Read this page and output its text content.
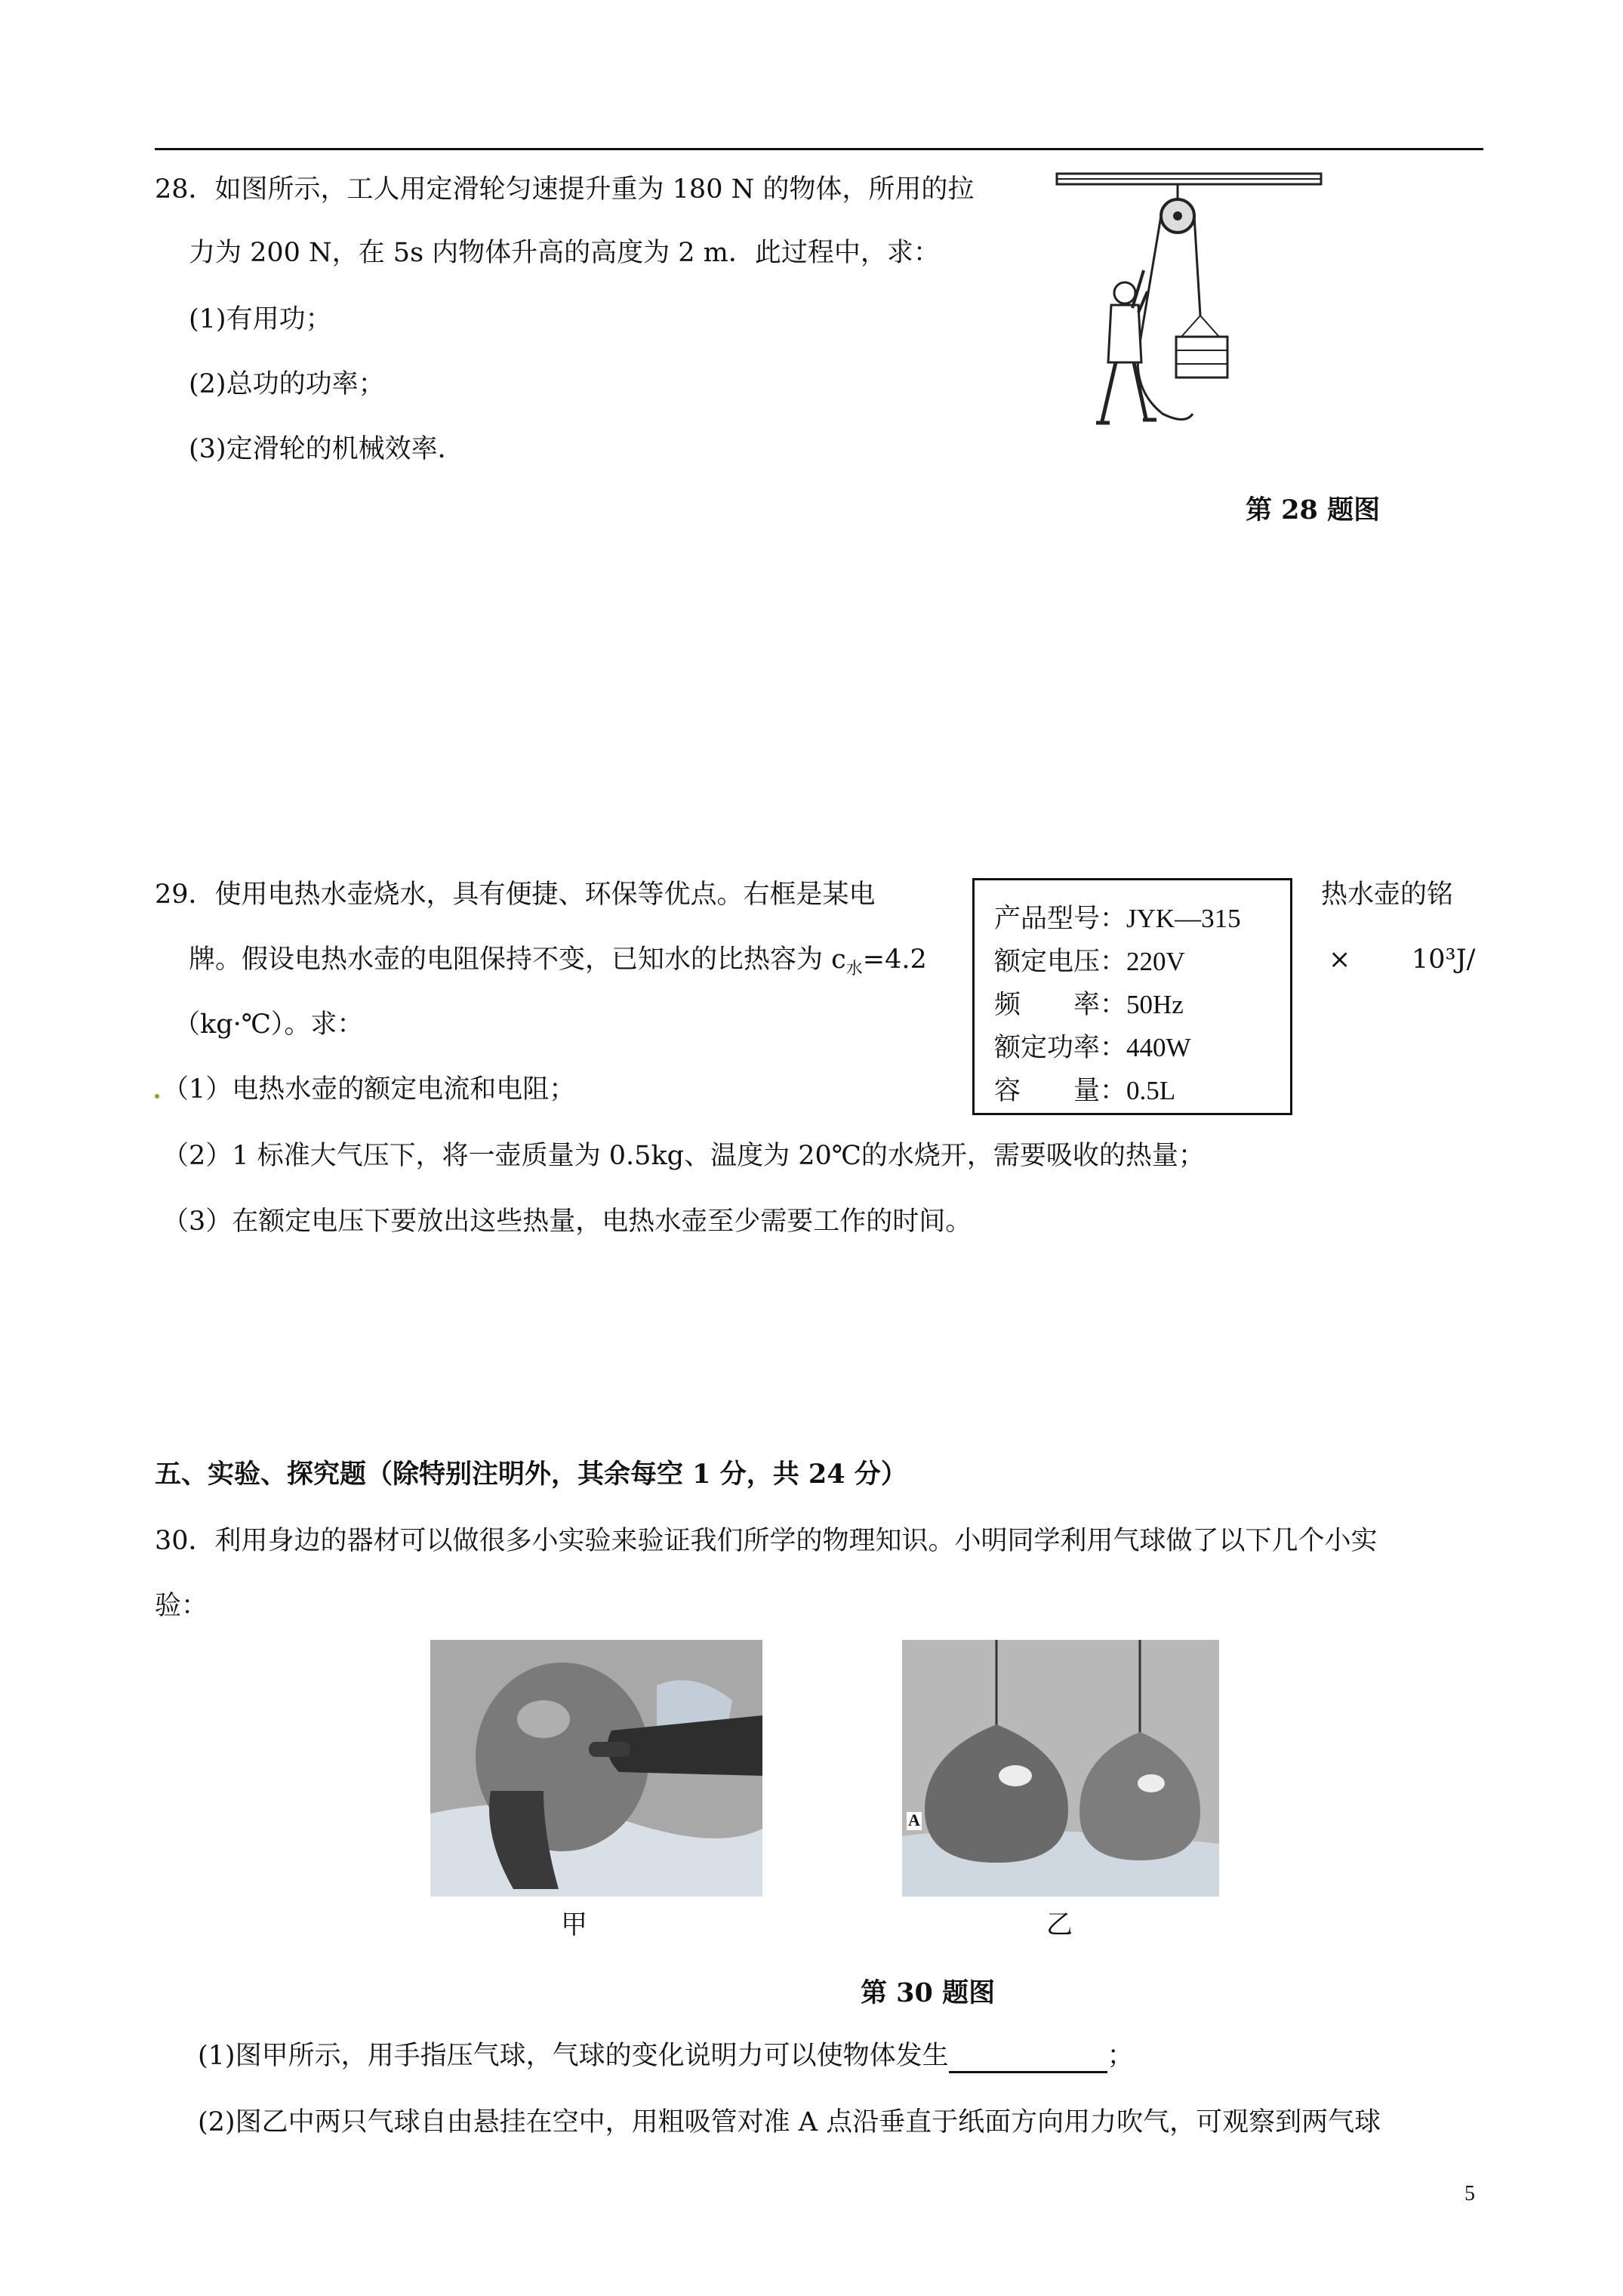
28．如图所示，工人用定滑轮匀速提升重为 180 N 的物体，所用的拉
力为 200 N，在 5s 内物体升高的高度为 2 m．此过程中，求：
(1)有用功；
(2)总功的功率；
(3)定滑轮的机械效率．
第 28 题图
29．使用电热水壶烧水，具有便捷、环保等优点。右框是某电	热水壶的铭
牌。假设电热水壶的电阻保持不变，已知水的比热容为 $c_水=4.2$	× 10³J/
（kg·℃）。求：
（1）电热水壶的额定电流和电阻；
（2）1 标准大气压下，将一壶质量为 0.5kg、温度为 20℃的水烧开，需要吸收的热量；
（3）在额定电压下要放出这些热量，电热水壶至少需要工作的时间。
产品型号：JYK—315
额定电压：220V
频　　率：50Hz
额定功率：440W
容　　量：0.5L
五、实验、探究题（除特别注明外，其余每空 1 分，共 24 分）
30．利用身边的器材可以做很多小实验来验证我们所学的物理知识。小明同学利用气球做了以下几个小实
验：
A
甲	乙
第 30 题图
(1)图甲所示，用手指压气球，气球的变化说明力可以使物体发生	；
(2)图乙中两只气球自由悬挂在空中，用粗吸管对准 A 点沿垂直于纸面方向用力吹气，可观察到两气球
5
